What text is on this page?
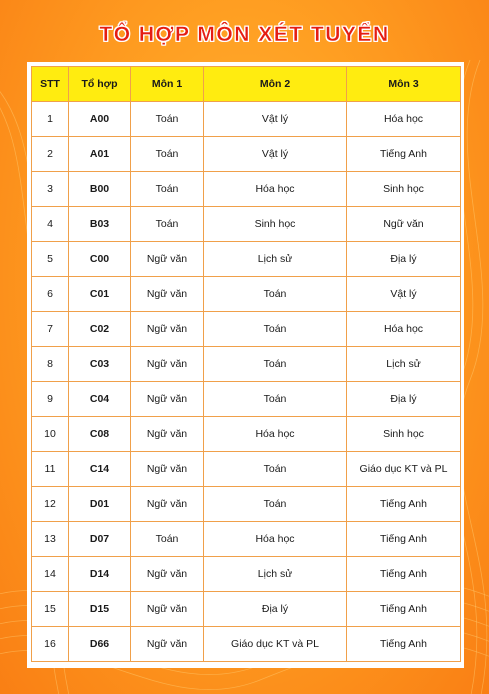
TỔ HỢP MÔN XÉT TUYỂN
STT	Tổ hợp	Môn 1	Môn 2	Môn 3
1	A00	Toán	Vật lý	Hóa học
2	A01	Toán	Vật lý	Tiếng Anh
3	B00	Toán	Hóa học	Sinh học
4	B03	Toán	Sinh học	Ngữ văn
5	C00	Ngữ văn	Lịch sử	Địa lý
6	C01	Ngữ văn	Toán	Vật lý
7	C02	Ngữ văn	Toán	Hóa học
8	C03	Ngữ văn	Toán	Lịch sử
9	C04	Ngữ văn	Toán	Địa lý
10	C08	Ngữ văn	Hóa học	Sinh học
11	C14	Ngữ văn	Toán	Giáo dục KT và PL
12	D01	Ngữ văn	Toán	Tiếng Anh
13	D07	Toán	Hóa học	Tiếng Anh
14	D14	Ngữ văn	Lịch sử	Tiếng Anh
15	D15	Ngữ văn	Địa lý	Tiếng Anh
16	D66	Ngữ văn	Giáo dục KT và PL	Tiếng Anh
